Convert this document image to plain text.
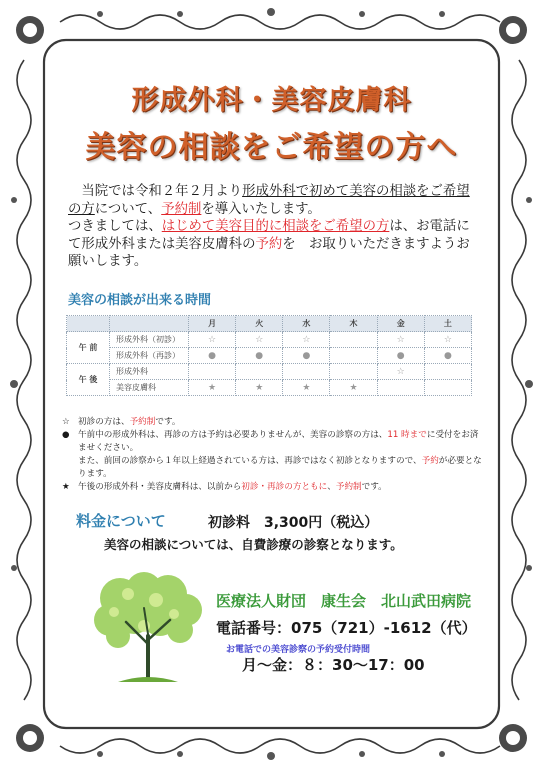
形成外科・美容皮膚科
美容の相談をご希望の方へ
　当院では令和２年２月より形成外科で初めて美容の相談をご希望の方について、予約制を導入いたします。
つきましては、はじめて美容目的に相談をご希望の方は、お電話にて形成外科または美容皮膚科の予約を　お取りいただきますようお願いします。
美容の相談が出来る時間
		月	火	水	木	金	土
午 前	形成外科（初診）	☆	☆	☆		☆	☆
	形成外科（再診）	●	●	●		●	●
午 後	形成外科					☆	
	美容皮膚科	★	★	★	★		
☆ 初診の方は、予約制です。
● 午前中の形成外科は、再診の方は予約は必要ありませんが、美容の診察の方は、11 時までに受付をお済ませください。
また、前回の診察から１年以上経過されている方は、再診ではなく初診となりますので、予約が必要となります。
★ 午後の形成外科・美容皮膚科は、以前から初診・再診の方ともに、予約制です。
料金について	初診料　3,300円（税込）
美容の相談については、自費診療の診察となります。
医療法人財団　康生会　北山武田病院
電話番号：075（721）-1612（代）
お電話での美容診察の予約受付時間
月～金：８：30～17：00
